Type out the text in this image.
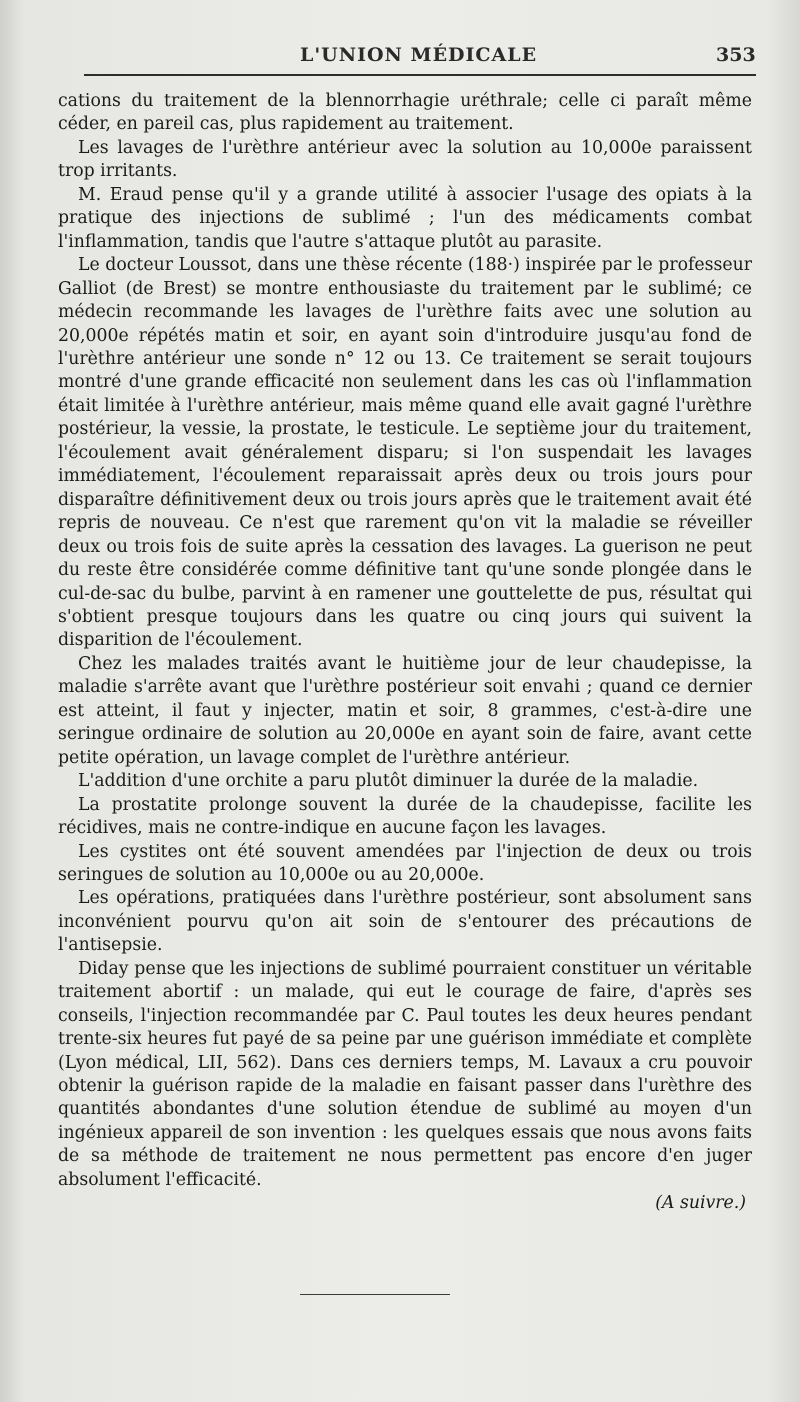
L'UNION MÉDICALE	353

cations du traitement de la blennorrhagie uréthrale; celle ci paraît même céder, en pareil cas, plus rapidement au traitement.

Les lavages de l'urèthre antérieur avec la solution au 10,000e paraissent trop irritants.

M. Eraud pense qu'il y a grande utilité à associer l'usage des opiats à la pratique des injections de sublimé ; l'un des médicaments combat l'inflammation, tandis que l'autre s'attaque plutôt au parasite.

Le docteur Loussot, dans une thèse récente (188·) inspirée par le professeur Galliot (de Brest) se montre enthousiaste du traitement par le sublimé; ce médecin recommande les lavages de l'urèthre faits avec une solution au 20,000e répétés matin et soir, en ayant soin d'introduire jusqu'au fond de l'urèthre antérieur une sonde n° 12 ou 13. Ce traitement se serait toujours montré d'une grande efficacité non seulement dans les cas où l'inflammation était limitée à l'urèthre antérieur, mais même quand elle avait gagné l'urèthre postérieur, la vessie, la prostate, le testicule. Le septième jour du traitement, l'écoulement avait généralement disparu; si l'on suspendait les lavages immédiatement, l'écoulement reparaissait après deux ou trois jours pour disparaître définitivement deux ou trois jours après que le traitement avait été repris de nouveau. Ce n'est que rarement qu'on vit la maladie se réveiller deux ou trois fois de suite après la cessation des lavages. La guerison ne peut du reste être considérée comme définitive tant qu'une sonde plongée dans le cul-de-sac du bulbe, parvint à en ramener une gouttelette de pus, résultat qui s'obtient presque toujours dans les quatre ou cinq jours qui suivent la disparition de l'écoulement.

Chez les malades traités avant le huitième jour de leur chaudepisse, la maladie s'arrête avant que l'urèthre postérieur soit envahi ; quand ce dernier est atteint, il faut y injecter, matin et soir, 8 grammes, c'est-à-dire une seringue ordinaire de solution au 20,000e en ayant soin de faire, avant cette petite opération, un lavage complet de l'urèthre antérieur.

L'addition d'une orchite a paru plutôt diminuer la durée de la maladie.

La prostatite prolonge souvent la durée de la chaudepisse, facilite les récidives, mais ne contre-indique en aucune façon les lavages.

Les cystites ont été souvent amendées par l'injection de deux ou trois seringues de solution au 10,000e ou au 20,000e.

Les opérations, pratiquées dans l'urèthre postérieur, sont absolument sans inconvénient pourvu qu'on ait soin de s'entourer des précautions de l'antisepsie.

Diday pense que les injections de sublimé pourraient constituer un véritable traitement abortif : un malade, qui eut le courage de faire, d'après ses conseils, l'injection recommandée par C. Paul toutes les deux heures pendant trente-six heures fut payé de sa peine par une guérison immédiate et complète (Lyon médical, LII, 562). Dans ces derniers temps, M. Lavaux a cru pouvoir obtenir la guérison rapide de la maladie en faisant passer dans l'urèthre des quantités abondantes d'une solution étendue de sublimé au moyen d'un ingénieux appareil de son invention : les quelques essais que nous avons faits de sa méthode de traitement ne nous permettent pas encore d'en juger absolument l'efficacité.

(A suivre.)
